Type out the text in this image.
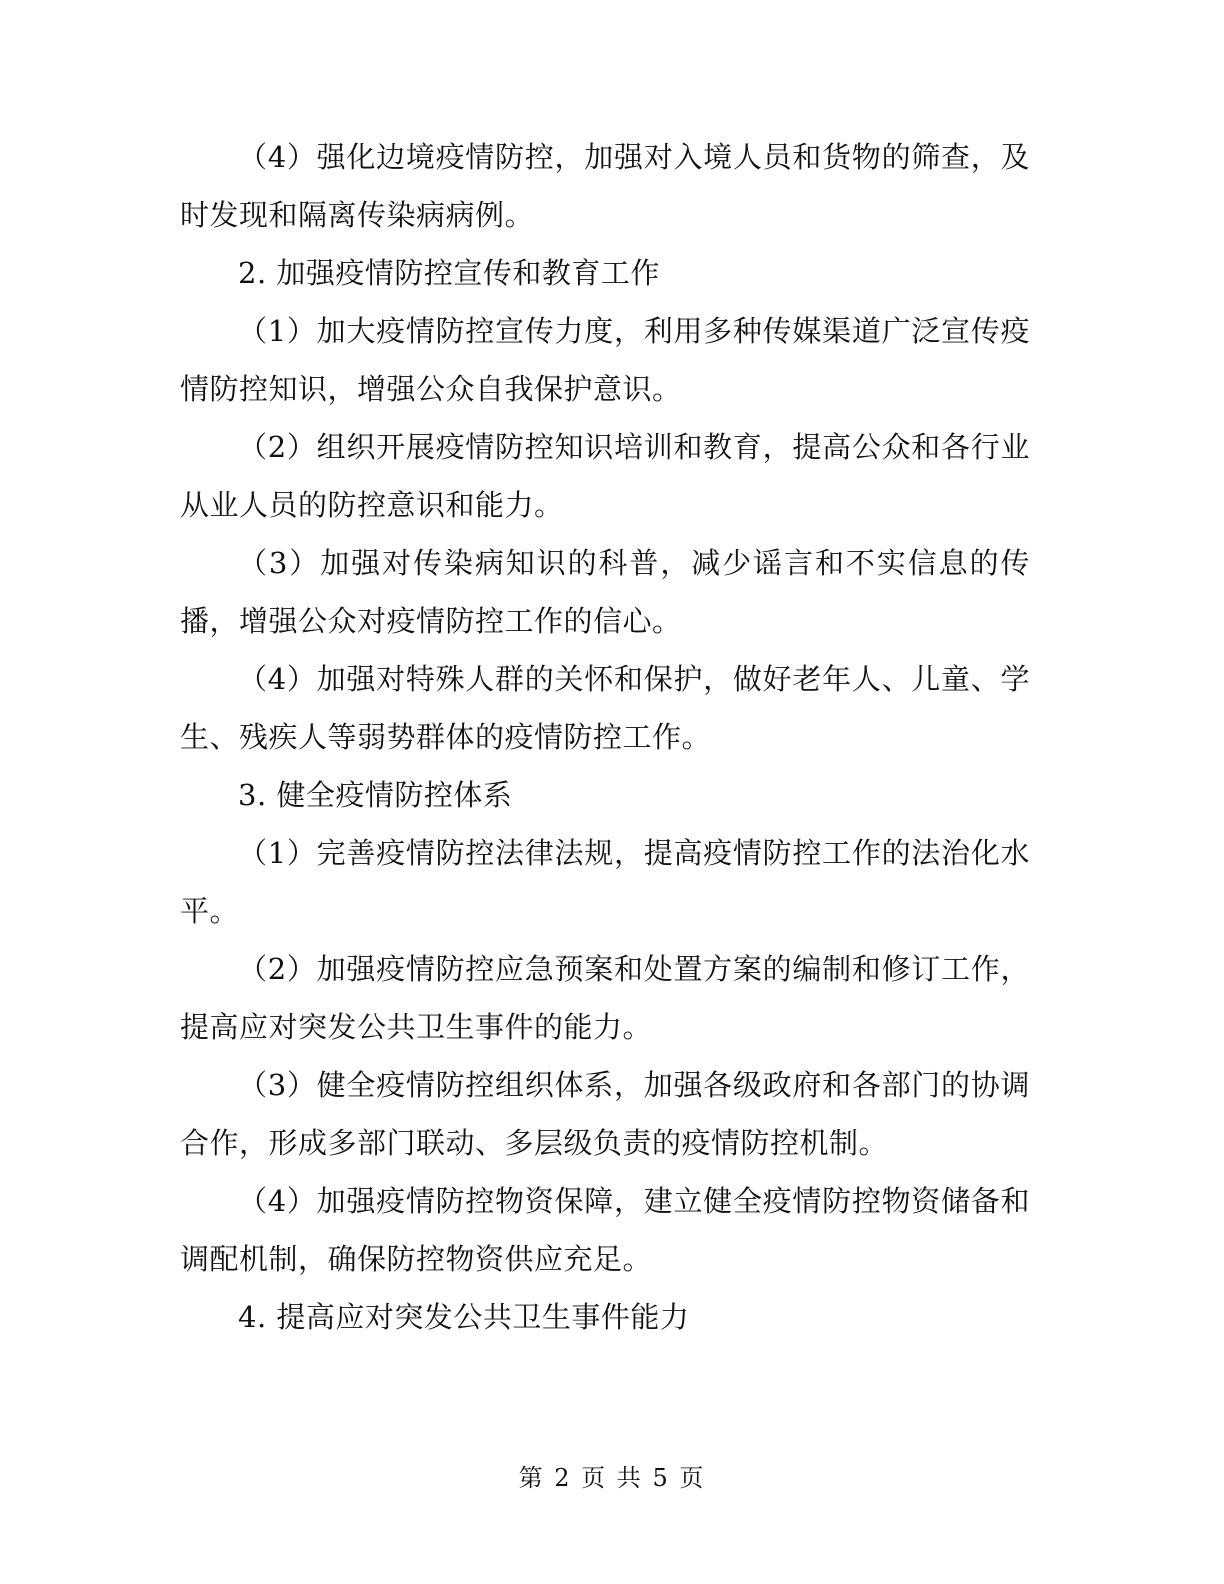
（4）强化边境疫情防控，加强对入境人员和货物的筛查，及时发现和隔离传染病病例。

2. 加强疫情防控宣传和教育工作

（1）加大疫情防控宣传力度，利用多种传媒渠道广泛宣传疫情防控知识，增强公众自我保护意识。

（2）组织开展疫情防控知识培训和教育，提高公众和各行业从业人员的防控意识和能力。

（3）加强对传染病知识的科普，减少谣言和不实信息的传播，增强公众对疫情防控工作的信心。

（4）加强对特殊人群的关怀和保护，做好老年人、儿童、学生、残疾人等弱势群体的疫情防控工作。

3. 健全疫情防控体系

（1）完善疫情防控法律法规，提高疫情防控工作的法治化水平。

（2）加强疫情防控应急预案和处置方案的编制和修订工作，提高应对突发公共卫生事件的能力。

（3）健全疫情防控组织体系，加强各级政府和各部门的协调合作，形成多部门联动、多层级负责的疫情防控机制。

（4）加强疫情防控物资保障，建立健全疫情防控物资储备和调配机制，确保防控物资供应充足。

4. 提高应对突发公共卫生事件能力

第 2 页 共 5 页
